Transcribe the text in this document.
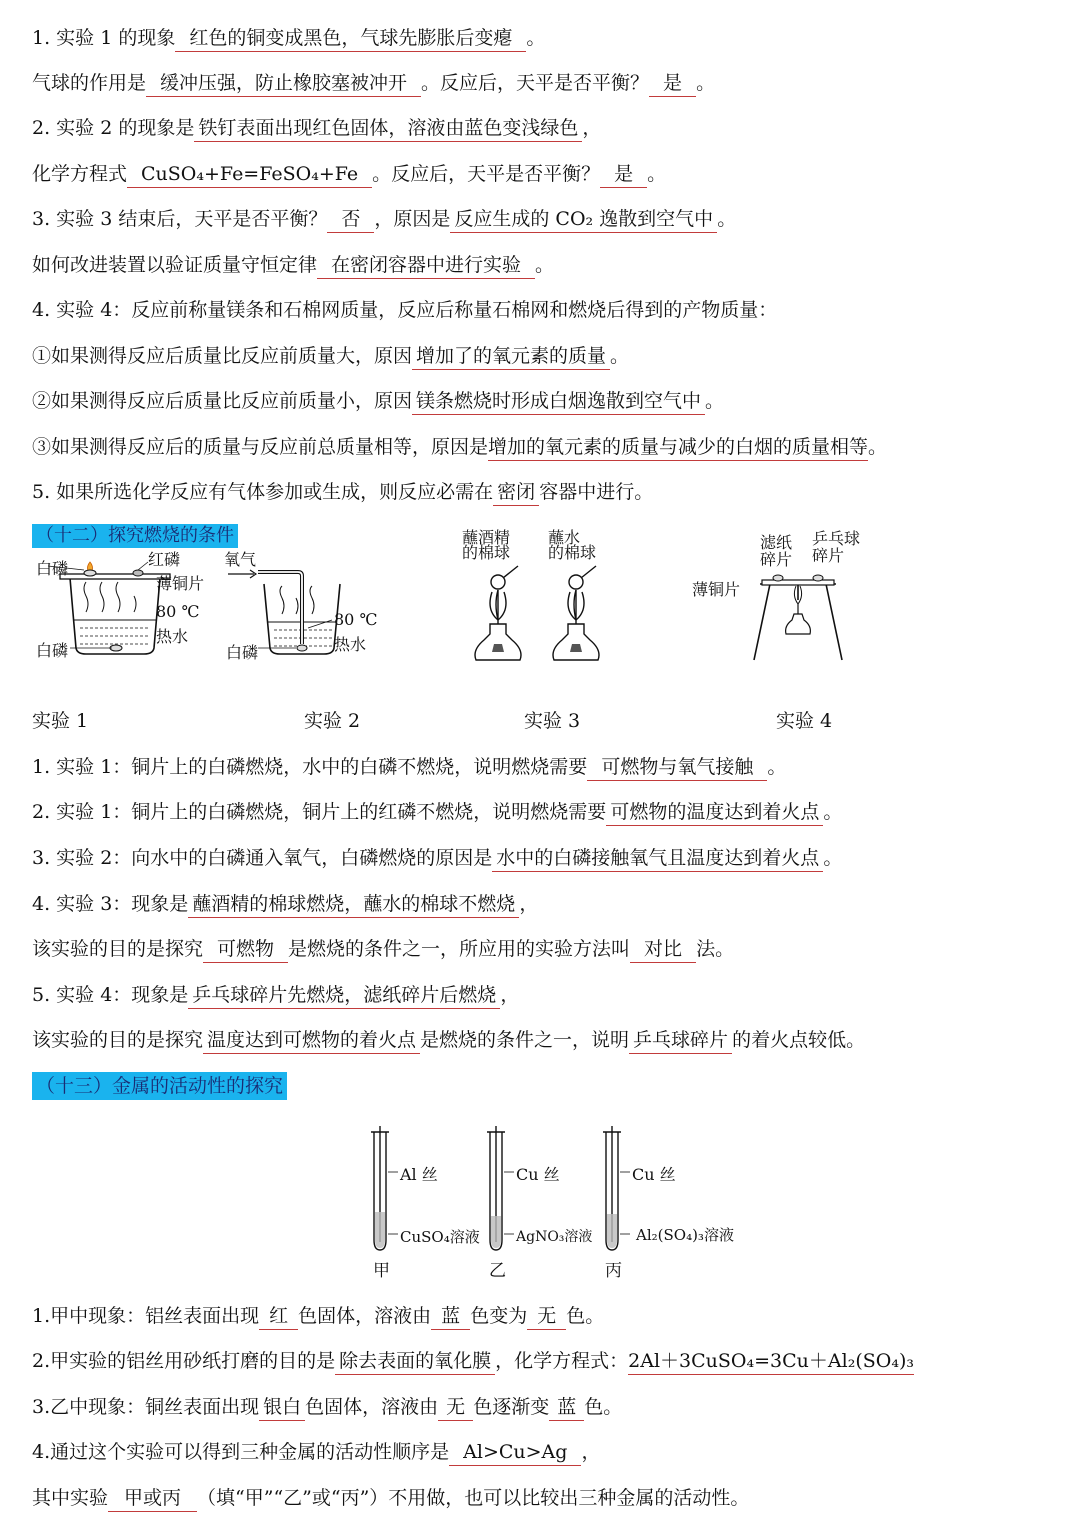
1. 实验 1 的现象 红色的铜变成黑色，气球先膨胀后变瘪 。
气球的作用是 缓冲压强，防止橡胶塞被冲开 。反应后，天平是否平衡？ 是 。
2. 实验 2 的现象是 铁钉表面出现红色固体，溶液由蓝色变浅绿色 ，
化学方程式 CuSO₄+Fe=FeSO₄+Fe 。反应后，天平是否平衡？ 是 。
3. 实验 3 结束后，天平是否平衡？ 否 ，原因是 反应生成的 CO₂ 逸散到空气中 。
如何改进装置以验证质量守恒定律 在密闭容器中进行实验 。
4. 实验 4：反应前称量镁条和石棉网质量，反应后称量石棉网和燃烧后得到的产物质量：
①如果测得反应后质量比反应前质量大，原因 增加了的氧元素的质量 。
②如果测得反应后质量比反应前质量小，原因 镁条燃烧时形成白烟逸散到空气中 。
③如果测得反应后的质量与反应前总质量相等，原因是增加的氧元素的质量与减少的白烟的质量相等。
5. 如果所选化学反应有气体参加或生成，则反应必需在 密闭 容器中进行。
（十二）探究燃烧的条件
白磷	红磷
薄铜片
80 ℃
热水
白磷
氧气
80 ℃
热水
白磷
蘸酒精
的棉球
蘸水
的棉球
滤纸
碎片
乒乓球
碎片
薄铜片
实验 1	实验 2	实验 3	实验 4
1. 实验 1：铜片上的白磷燃烧，水中的白磷不燃烧，说明燃烧需要 可燃物与氧气接触 。
2. 实验 1：铜片上的白磷燃烧，铜片上的红磷不燃烧，说明燃烧需要 可燃物的温度达到着火点 。
3. 实验 2：向水中的白磷通入氧气，白磷燃烧的原因是 水中的白磷接触氧气且温度达到着火点 。
4. 实验 3：现象是 蘸酒精的棉球燃烧，蘸水的棉球不燃烧 ，
该实验的目的是探究 可燃物 是燃烧的条件之一，所应用的实验方法叫 对比 法。
5. 实验 4：现象是 乒乓球碎片先燃烧，滤纸碎片后燃烧 ，
该实验的目的是探究 温度达到可燃物的着火点 是燃烧的条件之一，说明 乒乓球碎片 的着火点较低。
（十三）金属的活动性的探究
Al 丝
CuSO₄溶液
甲
Cu 丝
AgNO₃溶液
乙
Cu 丝
Al₂(SO₄)₃溶液
丙
1.甲中现象：铝丝表面出现 红 色固体，溶液由 蓝 色变为 无 色。
2.甲实验的铝丝用砂纸打磨的目的是 除去表面的氧化膜 ，化学方程式：2Al＋3CuSO₄=3Cu＋Al₂(SO₄)₃
3.乙中现象：铜丝表面出现 银白 色固体，溶液由 无 色逐渐变 蓝 色。
4.通过这个实验可以得到三种金属的活动性顺序是 Al>Cu>Ag ，
其中实验 甲或丙 （填“甲”“乙”或“丙”）不用做，也可以比较出三种金属的活动性。
